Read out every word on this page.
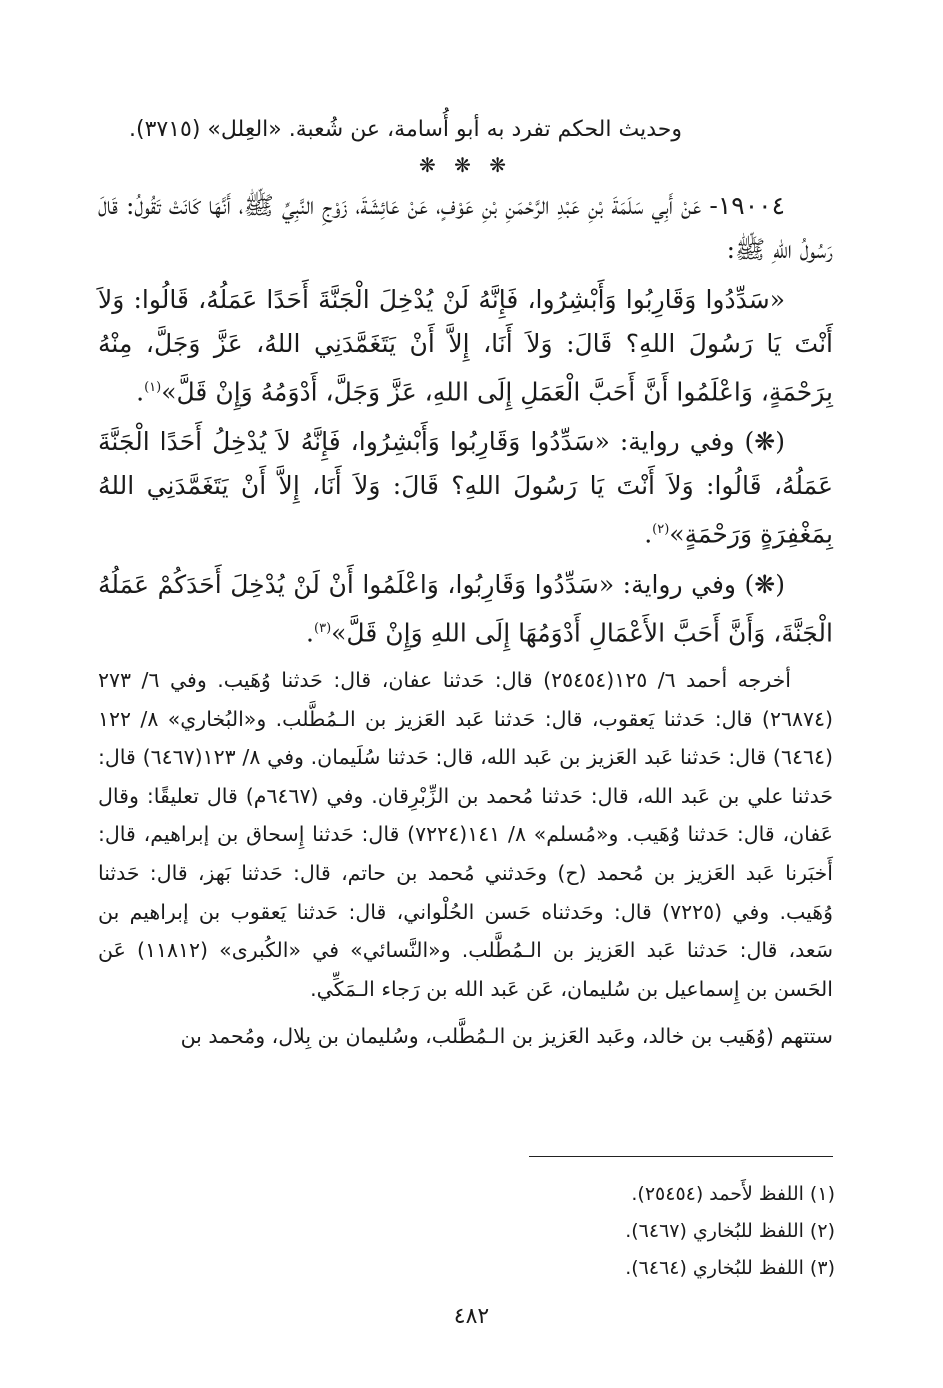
وحديث الحكم تفرد به أبو أُسامة، عن شُعبة. «العِلل» (٣٧١٥).

❋ ❋ ❋

١٩٠٠٤- عَنْ أَبِي سَلَمَةَ بْنِ عَبْدِ الرَّحْمَنِ بْنِ عَوْفٍ، عَنْ عَائِشَةَ، زَوْجِ النَّبِيِّ ﷺ، أَنَّهَا كَانَتْ تَقُولُ: قَالَ رَسُولُ اللهِ ﷺ:

«سَدِّدُوا وَقَارِبُوا وَأَبْشِرُوا، فَإِنَّهُ لَنْ يُدْخِلَ الْجَنَّةَ أَحَدًا عَمَلُهُ، قَالُوا: وَلاَ أَنْتَ يَا رَسُولَ اللهِ؟ قَالَ: وَلاَ أَنَا، إِلاَّ أَنْ يَتَغَمَّدَنِي اللهُ، عَزَّ وَجَلَّ، مِنْهُ بِرَحْمَةٍ، وَاعْلَمُوا أَنَّ أَحَبَّ الْعَمَلِ إِلَى اللهِ، عَزَّ وَجَلَّ، أَدْوَمُهُ وَإِنْ قَلَّ»$^{(١)}$.

(❋) وفي رواية: «سَدِّدُوا وَقَارِبُوا وَأَبْشِرُوا، فَإِنَّهُ لاَ يُدْخِلُ أَحَدًا الْجَنَّةَ عَمَلُهُ، قَالُوا: وَلاَ أَنْتَ يَا رَسُولَ اللهِ؟ قَالَ: وَلاَ أَنَا، إِلاَّ أَنْ يَتَغَمَّدَنِي اللهُ بِمَغْفِرَةٍ وَرَحْمَةٍ»$^{(٢)}$.

(❋) وفي رواية: «سَدِّدُوا وَقَارِبُوا، وَاعْلَمُوا أَنْ لَنْ يُدْخِلَ أَحَدَكُمْ عَمَلُهُ الْجَنَّةَ، وَأَنَّ أَحَبَّ الأَعْمَالِ أَدْوَمُهَا إِلَى اللهِ وَإِنْ قَلَّ»$^{(٣)}$.

أخرجه أحمد ٦/ ١٢٥(٢٥٤٥٤) قال: حَدثنا عفان، قال: حَدثنا وُهَيب. وفي ٦/ ٢٧٣ (٢٦٨٧٤) قال: حَدثنا يَعقوب، قال: حَدثنا عَبد العَزيز بن الـمُطَّلب. و«البُخاري» ٨/ ١٢٢ (٦٤٦٤) قال: حَدثنا عَبد العَزيز بن عَبد الله، قال: حَدثنا سُلَيمان. وفي ٨/ ١٢٣(٦٤٦٧) قال: حَدثنا علي بن عَبد الله، قال: حَدثنا مُحمد بن الزِّبْرِقان. وفي (٦٤٦٧م) قال تعليقًا: وقال عَفان، قال: حَدثنا وُهَيب. و«مُسلم» ٨/ ١٤١(٧٢٢٤) قال: حَدثنا إِسحاق بن إبراهيم، قال: أَخبَرنا عَبد العَزيز بن مُحمد (ح) وحَدثني مُحمد بن حاتم، قال: حَدثنا بَهز، قال: حَدثنا وُهَيب. وفي (٧٢٢٥) قال: وحَدثناه حَسن الحُلْواني، قال: حَدثنا يَعقوب بن إبراهيم بن سَعد، قال: حَدثنا عَبد العَزيز بن الـمُطَّلب. و«النَّسائي» في «الكُبرى» (١١٨١٢) عَن الحَسن بن إِسماعيل بن سُليمان، عَن عَبد الله بن رَجاء الـمَكِّي.

ستتهم (وُهَيب بن خالد، وعَبد العَزيز بن الـمُطَّلب، وسُليمان بن بِلال، ومُحمد بن

(١) اللفظ لأَحمد (٢٥٤٥٤).

(٢) اللفظ للبُخاري (٦٤٦٧).

(٣) اللفظ للبُخاري (٦٤٦٤).

٤٨٢
